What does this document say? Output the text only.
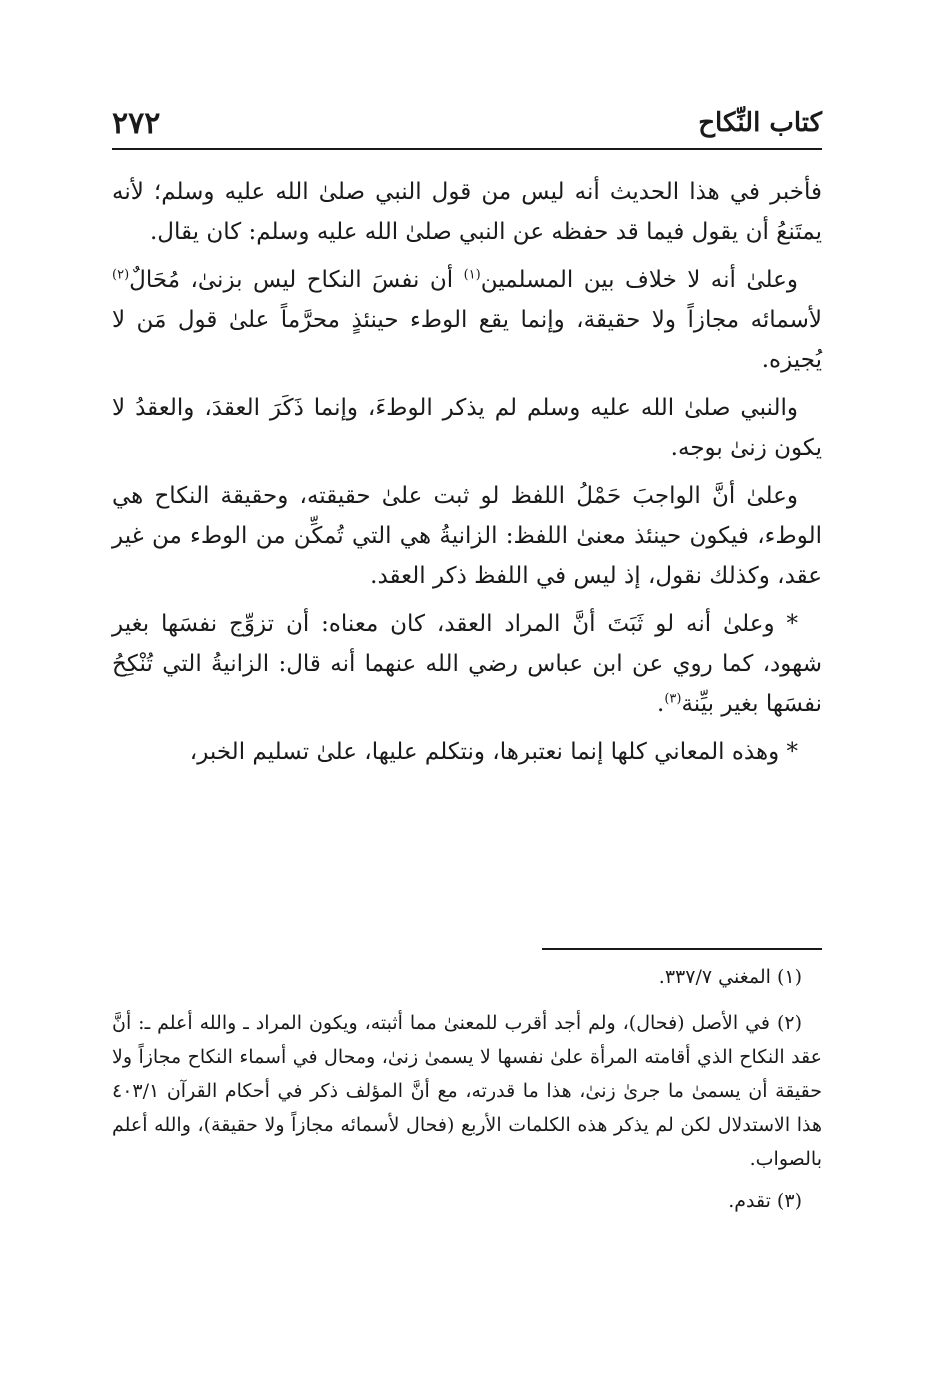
كتاب النِّكاح
٢٧٢

فأخبر في هذا الحديث أنه ليس من قول النبي صلىٰ الله عليه وسلم؛ لأنه يمتَنعُ أن يقول فيما قد حفظه عن النبي صلىٰ الله عليه وسلم: كان يقال.

وعلىٰ أنه لا خلاف بين المسلمين$^{(١)}$ أن نفسَ النكاح ليس بزنىٰ، مُحَالٌ$^{(٢)}$ لأسمائه مجازاً ولا حقيقة، وإنما يقع الوطء حينئذٍ محرَّماً علىٰ قول مَن لا يُجيزه.

والنبي صلىٰ الله عليه وسلم لم يذكر الوطءَ، وإنما ذَكَرَ العقدَ، والعقدُ لا يكون زنىٰ بوجه.

وعلىٰ أنَّ الواجبَ حَمْلُ اللفظ لو ثبت علىٰ حقيقته، وحقيقة النكاح هي الوطء، فيكون حينئذ معنىٰ اللفظ: الزانيةُ هي التي تُمكِّن من الوطء من غير عقد، وكذلك نقول، إذ ليس في اللفظ ذكر العقد.

* وعلىٰ أنه لو ثَبَتَ أنَّ المراد العقد، كان معناه: أن تزوِّج نفسَها بغير شهود، كما روي عن ابن عباس رضي الله عنهما أنه قال: الزانيةُ التي تُنْكِحُ نفسَها بغير بيِّنة$^{(٣)}$.

* وهذه المعاني كلها إنما نعتبرها، ونتكلم عليها، علىٰ تسليم الخبر،

(١) المغني ٣٣٧/٧.

(٢) في الأصل (فحال)، ولم أجد أقرب للمعنىٰ مما أثبته، ويكون المراد ـ والله أعلم ـ: أنَّ عقد النكاح الذي أقامته المرأة علىٰ نفسها لا يسمىٰ زنىٰ، ومحال في أسماء النكاح مجازاً ولا حقيقة أن يسمىٰ ما جرىٰ زنىٰ، هذا ما قدرته، مع أنَّ المؤلف ذكر في أحكام القرآن ٤٠٣/١ هذا الاستدلال لكن لم يذكر هذه الكلمات الأربع (فحال لأسمائه مجازاً ولا حقيقة)، والله أعلم بالصواب.

(٣) تقدم.
